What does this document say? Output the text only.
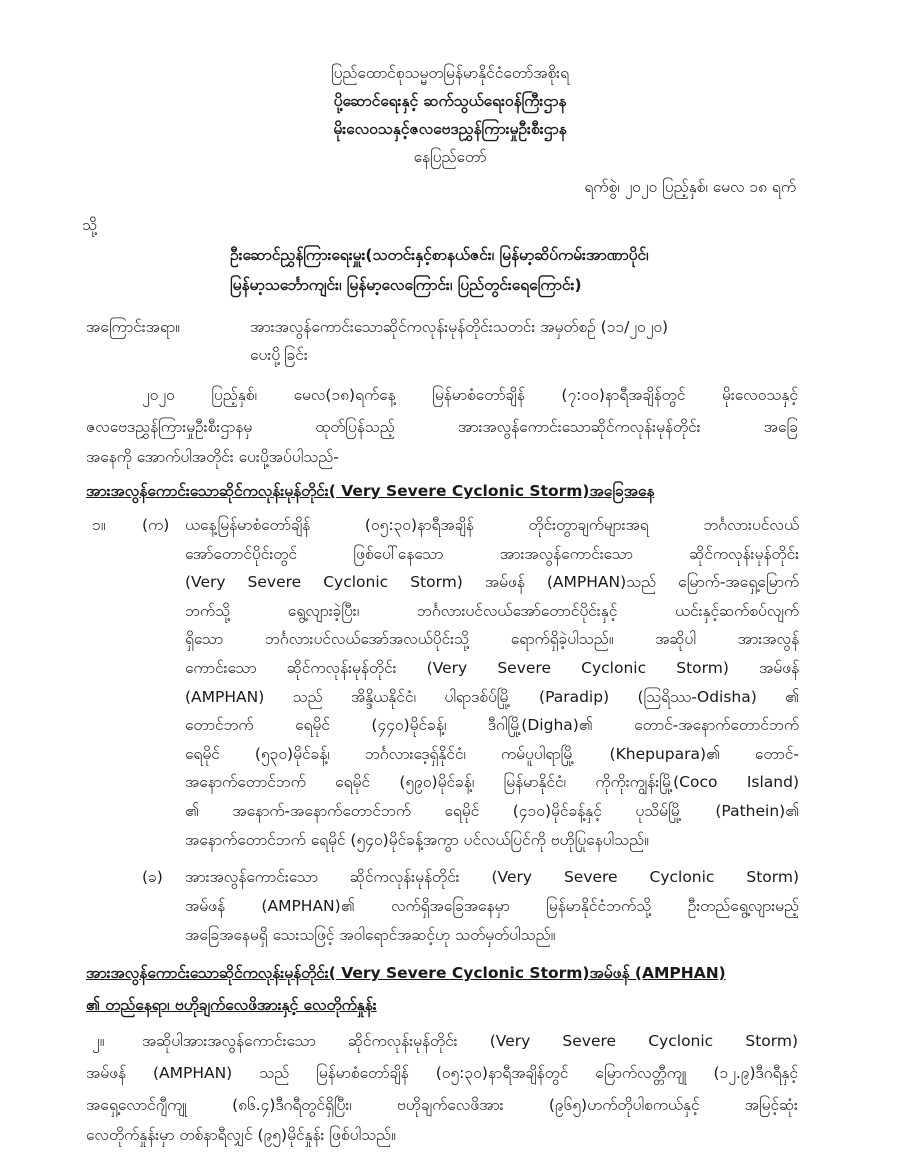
ပြည်ထောင်စုသမ္မတမြန်မာနိုင်ငံတော်အစိုးရ
ပို့ဆောင်ရေးနှင့် ဆက်သွယ်ရေးဝန်ကြီးဌာန
မိုးလေဝသနှင့်ဇလဗေဒညွှန်ကြားမှုဦးစီးဌာန
နေပြည်တော်
ရက်စွဲ၊ ၂၀၂၀ ပြည့်နှစ်၊ မေလ ၁၈ ရက်
သို့
ဦးဆောင်ညွှန်ကြားရေးမှူး(သတင်းနှင့်စာနယ်ဇင်း၊ မြန်မာ့ဆိပ်ကမ်းအာဏာပိုင်၊
မြန်မာ့သင်္ဘောကျင်း၊ မြန်မာ့လေကြောင်း၊ ပြည်တွင်းရေကြောင်း)
အကြောင်းအရာ။	အားအလွန်ကောင်းသောဆိုင်ကလုန်းမုန်တိုင်းသတင်း အမှတ်စဉ် (၁၁/၂၀၂၀)
ပေးပို့ခြင်း
၂၀၂၀ ပြည့်နှစ်၊ မေလ(၁၈)ရက်နေ့ မြန်မာစံတော်ချိန် (၇:၀၀)နာရီအချိန်တွင် မိုးလေဝသနှင့်
ဇလဗေဒညွှန်ကြားမှုဦးစီးဌာနမှ ထုတ်ပြန်သည့် အားအလွန်ကောင်းသောဆိုင်ကလုန်းမုန်တိုင်း အခြေ
အနေကို အောက်ပါအတိုင်း ပေးပို့အပ်ပါသည်-
အားအလွန်ကောင်းသောဆိုင်ကလုန်းမုန်တိုင်း( Very Severe Cyclonic Storm)အခြေအနေ
၁။ (က) ယနေ့မြန်မာစံတော်ချိန် (၀၅:၃၀)နာရီအချိန် တိုင်းတွာချက်များအရ ဘင်္ဂလားပင်လယ်
အော်တောင်ပိုင်းတွင် ဖြစ်ပေါ်နေသော အားအလွန်ကောင်းသော ဆိုင်ကလုန်းမုန်တိုင်း
(Very Severe Cyclonic Storm) အမ်ဖန် (AMPHAN)သည် မြောက်-အရှေ့မြောက်
ဘက်သို့ ရွေ့လျားခဲ့ပြီး၊ ဘင်္ဂလားပင်လယ်အော်တောင်ပိုင်းနှင့် ယင်းနှင့်ဆက်စပ်လျက်
ရှိသော ဘင်္ဂလားပင်လယ်အော်အလယ်ပိုင်းသို့ ရောက်ရှိခဲ့ပါသည်။ အဆိုပါ အားအလွန်
ကောင်းသော ဆိုင်ကလုန်းမုန်တိုင်း (Very Severe Cyclonic Storm) အမ်ဖန်
(AMPHAN) သည် အိန္ဒိယနိုင်ငံ၊ ပါရာဒစ်ပ်မြို့ (Paradip) (ဩရိဿ-Odisha) ၏
တောင်ဘက် ရေမိုင် (၄၄၀)မိုင်ခန့်၊ ဒီဂါမြို့(Digha)၏ တောင်-အနောက်တောင်ဘက်
ရေမိုင် (၅၃၀)မိုင်ခန့်၊ ဘင်္ဂလားဒေ့ရှ်နိုင်ငံ၊ ကမ်ပူပါရာမြို့ (Khepupara)၏ တောင်-
အနောက်တောင်ဘက် ရေမိုင် (၅၉၀)မိုင်ခန့်၊ မြန်မာနိုင်ငံ၊ ကိုကိုးကျွန်းမြို့(Coco Island)
၏ အနောက်-အနောက်တောင်ဘက် ရေမိုင် (၄၁၀)မိုင်ခန့်နှင့် ပုသိမ်မြို့ (Pathein)၏
အနောက်တောင်ဘက် ရေမိုင် (၅၄၀)မိုင်ခန့်အကွာ ပင်လယ်ပြင်ကို ဗဟိုပြုနေပါသည်။
(ခ) အားအလွန်ကောင်းသော ဆိုင်ကလုန်းမုန်တိုင်း (Very Severe Cyclonic Storm)
အမ်ဖန် (AMPHAN)၏ လက်ရှိအခြေအနေမှာ မြန်မာနိုင်ငံဘက်သို့ ဦးတည်ရွေ့လျားမည့်
အခြေအနေမရှိ သေးသဖြင့် အဝါရောင်အဆင့်ဟု သတ်မှတ်ပါသည်။
အားအလွန်ကောင်းသောဆိုင်ကလုန်းမုန်တိုင်း( Very Severe Cyclonic Storm)အမ်ဖန် (AMPHAN)
၏ တည်နေရာ၊ ဗဟိုချက်လေဖိအားနှင့် လေတိုက်နှုန်း
၂။ အဆိုပါအားအလွန်ကောင်းသော ဆိုင်ကလုန်းမုန်တိုင်း (Very Severe Cyclonic Storm)
အမ်ဖန် (AMPHAN) သည် မြန်မာစံတော်ချိန် (၀၅:၃၀)နာရီအချိန်တွင် မြောက်လတ္တီကျု (၁၂.၉)ဒီဂရီနှင့်
အရှေ့လောင်ဂျီကျု (၈၆.၄)ဒီဂရီတွင်ရှိပြီး၊ ဗဟိုချက်လေဖိအား (၉၆၅)ဟက်တိုပါစကယ်နှင့် အမြင့်ဆုံး
လေတိုက်နှုန်းမှာ တစ်နာရီလျှင် (၉၅)မိုင်နှုန်း ဖြစ်ပါသည်။
